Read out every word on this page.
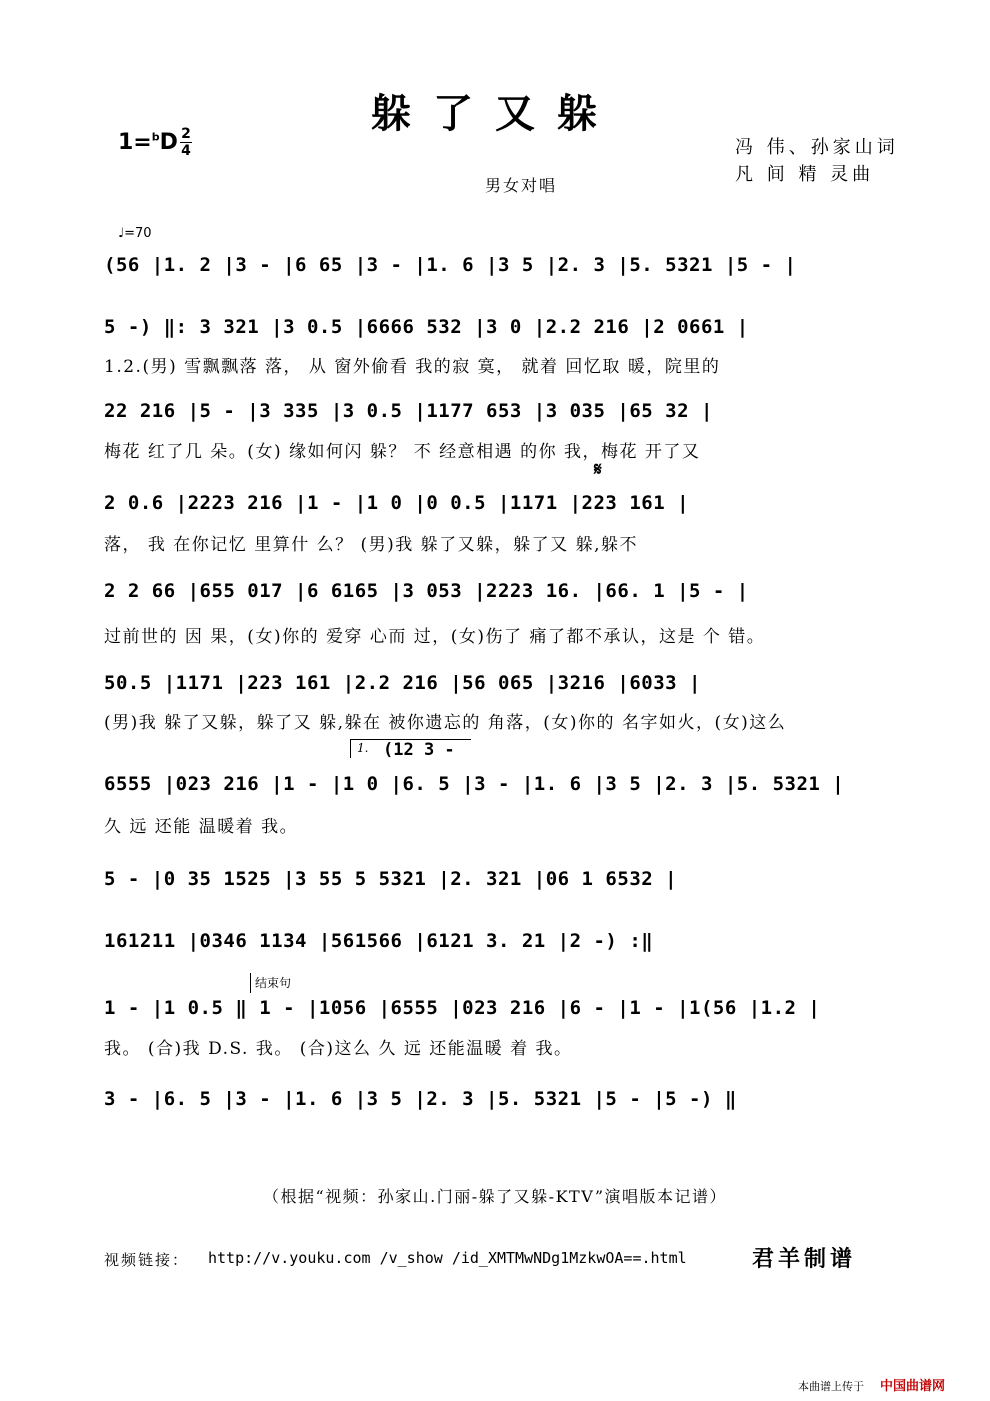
躲了又躲
1=$^b$D 2
4	冯 伟、孙家山词
凡 间 精 灵曲
男女对唱
♩=70
(56 |1. 2 |3 - |6 65 |3 - |1. 6 |3 5 |2. 3 |5. 5321 |5 - |
5 -) ‖: 3 321 |3 0.5 |6666 532 |3 0 |2.2 216 |2 0661 |
1.2.(男) 雪飘飘落 落， 从 窗外偷看 我的寂 寞， 就着 回忆取 暖，院里的
22 216 |5 - |3 335 |3 0.5 |1177 653 |3 035 |65 32 |
梅花 红了几 朵。(女) 缘如何闪 躲？ 不 经意相遇 的你 我，梅花 开了又
𝄋
2 0.6 |2223 216 |1 - |1 0 |0 0.5 |1171 |223 161 |
落， 我 在你记忆 里算什 么？ (男)我 躲了又躲，躲了又 躲,躲不
2 2 66 |655 017 |6 6165 |3 053 |2223 16. |66. 1 |5 - |
过前世的 因 果，(女)你的 爱穿 心而 过，(女)伤了 痛了都不承认，这是 个 错。
50.5 |1171 |223 161 |2.2 216 |56 065 |3216 |6033 |
(男)我 躲了又躲，躲了又 躲,躲在 被你遗忘的 角落，(女)你的 名字如火，(女)这么
1. (12 3 -
6555 |023 216 |1 - |1 0 |6. 5 |3 - |1. 6 |3 5 |2. 3 |5. 5321 |
久 远 还能 温暖着 我。
5 - |0 35 1525 |3 55 5 5321 |2. 321 |06 1 6532 |
161211 |0346 1134 |561566 |6121 3. 21 |2 -) :‖
结束句
1 - |1 0.5 ‖ 1 - |1056 |6555 |023 216 |6 - |1 - |1(56 |1.2 |
我。 (合)我 D.S. 我。 (合)这么 久 远 还能温暖 着 我。
3 - |6. 5 |3 - |1. 6 |3 5 |2. 3 |5. 5321 |5 - |5 -) ‖
（根据“视频：孙家山.门丽-躲了又躲-KTV”演唱版本记谱）
视频链接： http://v.youku.com /v_show /id_XMTMwNDg1MzkwOA==.html	君羊制谱
本曲谱上传于 中国曲谱网
